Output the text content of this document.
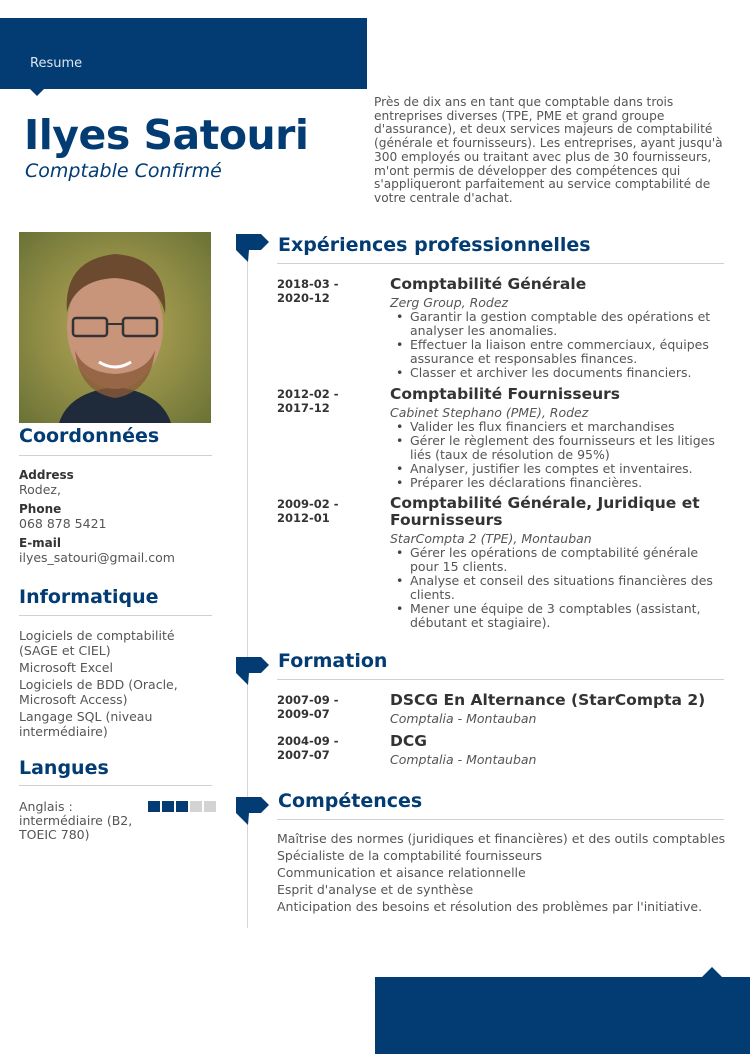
Resume
Ilyes Satouri
Comptable Confirmé
Près de dix ans en tant que comptable dans trois entreprises diverses (TPE, PME et grand groupe d'assurance), et deux services majeurs de comptabilité (générale et fournisseurs). Les entreprises, ayant jusqu'à 300 employés ou traitant avec plus de 30 fournisseurs, m'ont permis de développer des compétences qui s'appliqueront parfaitement au service comptabilité de votre centrale d'achat.
Coordonnées
Address
Rodez,
Phone
068 878 5421
E-mail
ilyes_satouri@gmail.com
Informatique
Logiciels de comptabilité (SAGE et CIEL)
Microsoft Excel
Logiciels de BDD (Oracle, Microsoft Access)
Langage SQL (niveau intermédiaire)
Langues
Anglais : intermédiaire (B2, TOEIC 780)
Expériences professionnelles
2018-03 -
2020-12
Comptabilité Générale
Zerg Group, Rodez
• Garantir la gestion comptable des opérations et analyser les anomalies.
• Effectuer la liaison entre commerciaux, équipes assurance et responsables finances.
• Classer et archiver les documents financiers.
2012-02 -
2017-12
Comptabilité Fournisseurs
Cabinet Stephano (PME), Rodez
• Valider les flux financiers et marchandises
• Gérer le règlement des fournisseurs et les litiges liés (taux de résolution de 95%)
• Analyser, justifier les comptes et inventaires.
• Préparer les déclarations financières.
2009-02 -
2012-01
Comptabilité Générale, Juridique et Fournisseurs
StarCompta 2 (TPE), Montauban
• Gérer les opérations de comptabilité générale pour 15 clients.
• Analyse et conseil des situations financières des clients.
• Mener une équipe de 3 comptables (assistant, débutant et stagiaire).
Formation
2007-09 -
2009-07
DSCG En Alternance (StarCompta 2)
Comptalia - Montauban
2004-09 -
2007-07
DCG
Comptalia - Montauban
Compétences
Maîtrise des normes (juridiques et financières) et des outils comptables
Spécialiste de la comptabilité fournisseurs
Communication et aisance relationnelle
Esprit d'analyse et de synthèse
Anticipation des besoins et résolution des problèmes par l'initiative.
